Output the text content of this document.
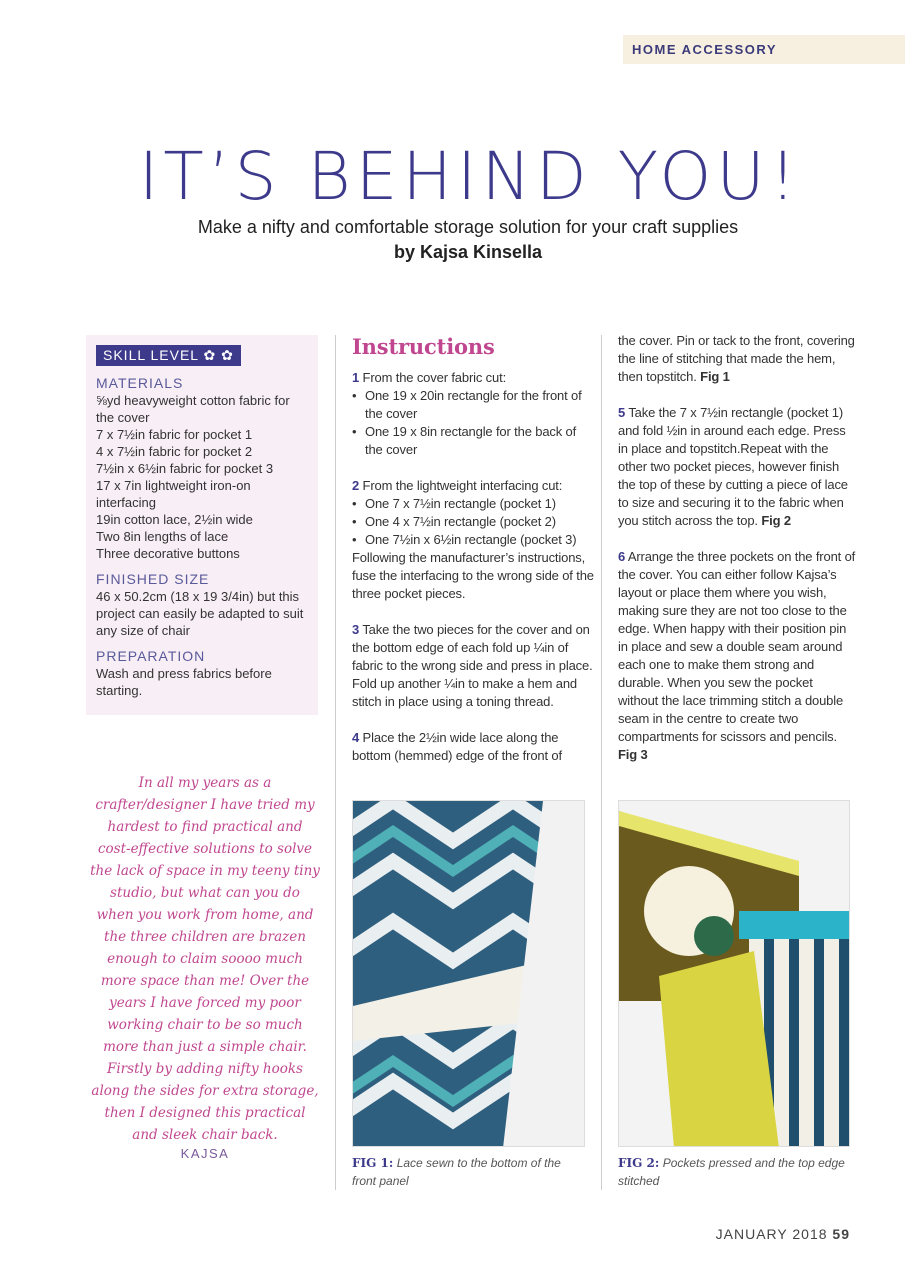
HOME ACCESSORY
IT’S BEHIND YOU!
Make a nifty and comfortable storage solution for your craft supplies
by Kajsa Kinsella
SKILL LEVEL ✿ ✿
MATERIALS
⅝yd heavyweight cotton fabric for the cover
7 x 7½in fabric for pocket 1
4 x 7½in fabric for pocket 2
7½in x 6½in fabric for pocket 3
17 x 7in lightweight iron-on interfacing
19in cotton lace, 2½in wide
Two 8in lengths of lace
Three decorative buttons
FINISHED SIZE
46 x 50.2cm (18 x 19 3/4in) but this project can easily be adapted to suit any size of chair
PREPARATION
Wash and press fabrics before starting.
In all my years as a crafter/designer I have tried my hardest to find practical and cost-effective solutions to solve the lack of space in my teeny tiny studio, but what can you do when you work from home, and the three children are brazen enough to claim soooo much more space than me! Over the years I have forced my poor working chair to be so much more than just a simple chair. Firstly by adding nifty hooks along the sides for extra storage, then I designed this practical and sleek chair back.
KAJSA
Instructions
1 From the cover fabric cut:
• One 19 x 20in rectangle for the front of the cover
• One 19 x 8in rectangle for the back of the cover
2 From the lightweight interfacing cut:
• One 7 x 7½in rectangle (pocket 1)
• One 4 x 7½in rectangle (pocket 2)
• One 7½in x 6½in rectangle (pocket 3)
Following the manufacturer’s instructions, fuse the interfacing to the wrong side of the three pocket pieces.
3 Take the two pieces for the cover and on the bottom edge of each fold up ¼in of fabric to the wrong side and press in place. Fold up another ¼in to make a hem and stitch in place using a toning thread.
4 Place the 2½in wide lace along the bottom (hemmed) edge of the front of
the cover. Pin or tack to the front, covering the line of stitching that made the hem, then topstitch. Fig 1
5 Take the 7 x 7½in rectangle (pocket 1) and fold ½in in around each edge. Press in place and topstitch.Repeat with the other two pocket pieces, however finish the top of these by cutting a piece of lace to size and securing it to the fabric when you stitch across the top. Fig 2
6 Arrange the three pockets on the front of the cover. You can either follow Kajsa’s layout or place them where you wish, making sure they are not too close to the edge. When happy with their position pin in place and sew a double seam around each one to make them strong and durable. When you sew the pocket without the lace trimming stitch a double seam in the centre to create two compartments for scissors and pencils. Fig 3
FIG 1: Lace sewn to the bottom of the front panel
FIG 2: Pockets pressed and the top edge stitched
JANUARY 2018 59
